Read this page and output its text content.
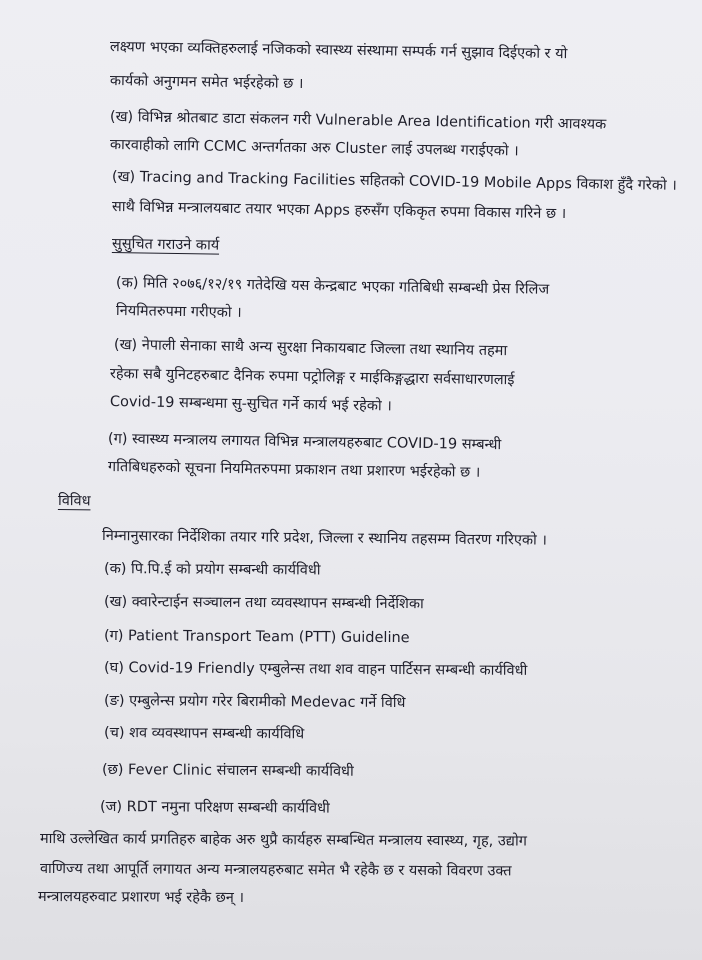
लक्ष्यण भएका व्यक्तिहरुलाई नजिकको स्वास्थ्य संस्थामा सम्पर्क गर्न सुझाव दिईएको र यो

कार्यको अनुगमन समेत भईरहेको छ ।

(ख) विभिन्न श्रोतबाट डाटा संकलन गरी Vulnerable Area Identification गरी आवश्यक

कारवाहीको लागि CCMC अन्तर्गतका अरु Cluster लाई उपलब्ध गराईएको ।

(ख) Tracing and Tracking Facilities सहितको COVID-19 Mobile Apps विकाश हुँदै गरेको ।

साथै विभिन्न मन्त्रालयबाट तयार भएका Apps हरुसँग एकिकृत रुपमा विकास गरिने छ ।

सुसुचित गराउने कार्य

(क) मिति २०७६/१२/१९ गतेदेखि यस केन्द्रबाट भएका गतिबिधी सम्बन्धी प्रेस रिलिज

नियमितरुपमा गरीएको ।

(ख) नेपाली सेनाका साथै अन्य सुरक्षा निकायबाट जिल्ला तथा स्थानिय तहमा

रहेका सबै युनिटहरुबाट दैनिक रुपमा पट्रोलिङ्ग र माईकिङ्गद्धारा सर्वसाधारणलाई

Covid-19 सम्बन्धमा सु-सुचित गर्ने कार्य भई रहेको ।

(ग) स्वास्थ्य मन्त्रालय लगायत विभिन्न मन्त्रालयहरुबाट COVID-19 सम्बन्धी

गतिबिधहरुको सूचना नियमितरुपमा प्रकाशन तथा प्रशारण भईरहेको छ ।

विविध

निम्नानुसारका निर्देशिका तयार गरि प्रदेश, जिल्ला र स्थानिय तहसम्म वितरण गरिएको ।

(क) पि.पि.ई को प्रयोग सम्बन्धी कार्यविधी

(ख) क्वारेन्टाईन सञ्चालन तथा व्यवस्थापन सम्बन्धी निर्देशिका

(ग) Patient Transport Team (PTT) Guideline

(घ) Covid-19 Friendly एम्बुलेन्स तथा शव वाहन पार्टिसन सम्बन्धी कार्यविधी

(ङ) एम्बुलेन्स प्रयोग गरेर बिरामीको Medevac गर्ने विधि

(च) शव व्यवस्थापन सम्बन्धी कार्यविधि

(छ) Fever Clinic संचालन सम्बन्धी कार्यविधी

(ज) RDT नमुना परिक्षण सम्बन्धी कार्यविधी

माथि उल्लेखित कार्य प्रगतिहरु बाहेक अरु थुप्रै कार्यहरु सम्बन्धित मन्त्रालय स्वास्थ्य, गृह, उद्योग

वाणिज्य तथा आपूर्ति लगायत अन्य मन्त्रालयहरुबाट समेत भै रहेकै छ र यसको विवरण उक्त

मन्त्रालयहरुवाट प्रशारण भई रहेकै छन् ।
